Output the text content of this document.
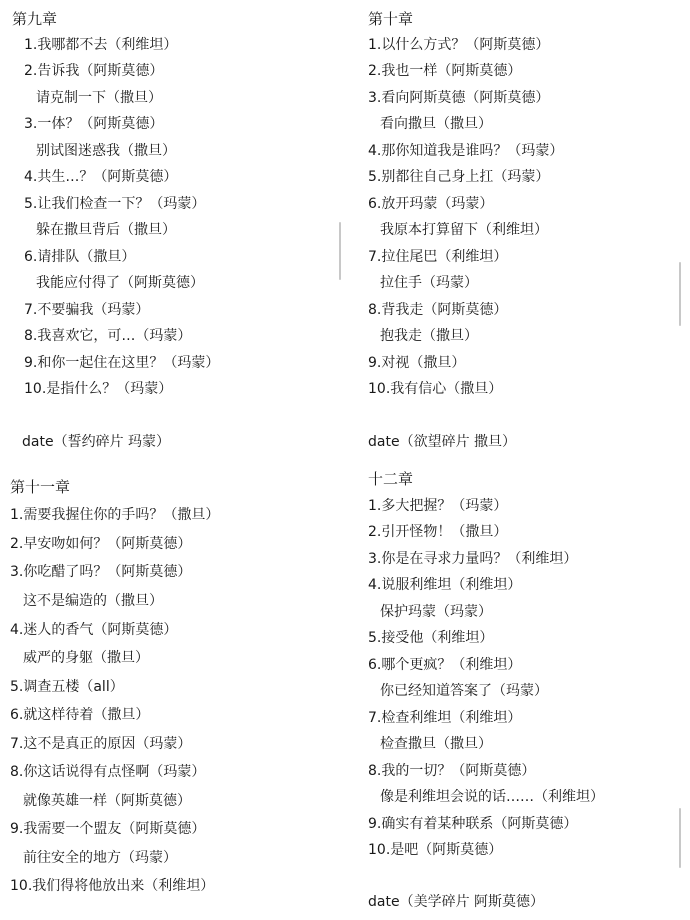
第九章
1.我哪都不去（利维坦）
2.告诉我（阿斯莫德）
请克制一下（撒旦）
3.一体？（阿斯莫德）
别试图迷惑我（撒旦）
4.共生…？（阿斯莫德）
5.让我们检查一下？（玛蒙）
躲在撒旦背后（撒旦）
6.请排队（撒旦）
我能应付得了（阿斯莫德）
7.不要骗我（玛蒙）
8.我喜欢它，可…（玛蒙）
9.和你一起住在这里？（玛蒙）
10.是指什么？（玛蒙）
date（誓约碎片 玛蒙）
第十章
1.以什么方式？（阿斯莫德）
2.我也一样（阿斯莫德）
3.看向阿斯莫德（阿斯莫德）
看向撒旦（撒旦）
4.那你知道我是谁吗？（玛蒙）
5.别都往自己身上扛（玛蒙）
6.放开玛蒙（玛蒙）
我原本打算留下（利维坦）
7.拉住尾巴（利维坦）
拉住手（玛蒙）
8.背我走（阿斯莫德）
抱我走（撒旦）
9.对视（撒旦）
10.我有信心（撒旦）
date（欲望碎片 撒旦）
第十一章
1.需要我握住你的手吗？（撒旦）
2.早安吻如何？（阿斯莫德）
3.你吃醋了吗？（阿斯莫德）
这不是编造的（撒旦）
4.迷人的香气（阿斯莫德）
威严的身躯（撒旦）
5.调查五楼（all）
6.就这样待着（撒旦）
7.这不是真正的原因（玛蒙）
8.你这话说得有点怪啊（玛蒙）
就像英雄一样（阿斯莫德）
9.我需要一个盟友（阿斯莫德）
前往安全的地方（玛蒙）
10.我们得将他放出来（利维坦）
十二章
1.多大把握？（玛蒙）
2.引开怪物！（撒旦）
3.你是在寻求力量吗？（利维坦）
4.说服利维坦（利维坦）
保护玛蒙（玛蒙）
5.接受他（利维坦）
6.哪个更疯？（利维坦）
你已经知道答案了（玛蒙）
7.检查利维坦（利维坦）
检查撒旦（撒旦）
8.我的一切？（阿斯莫德）
像是利维坦会说的话……（利维坦）
9.确实有着某种联系（阿斯莫德）
10.是吧（阿斯莫德）
date（美学碎片 阿斯莫德）
